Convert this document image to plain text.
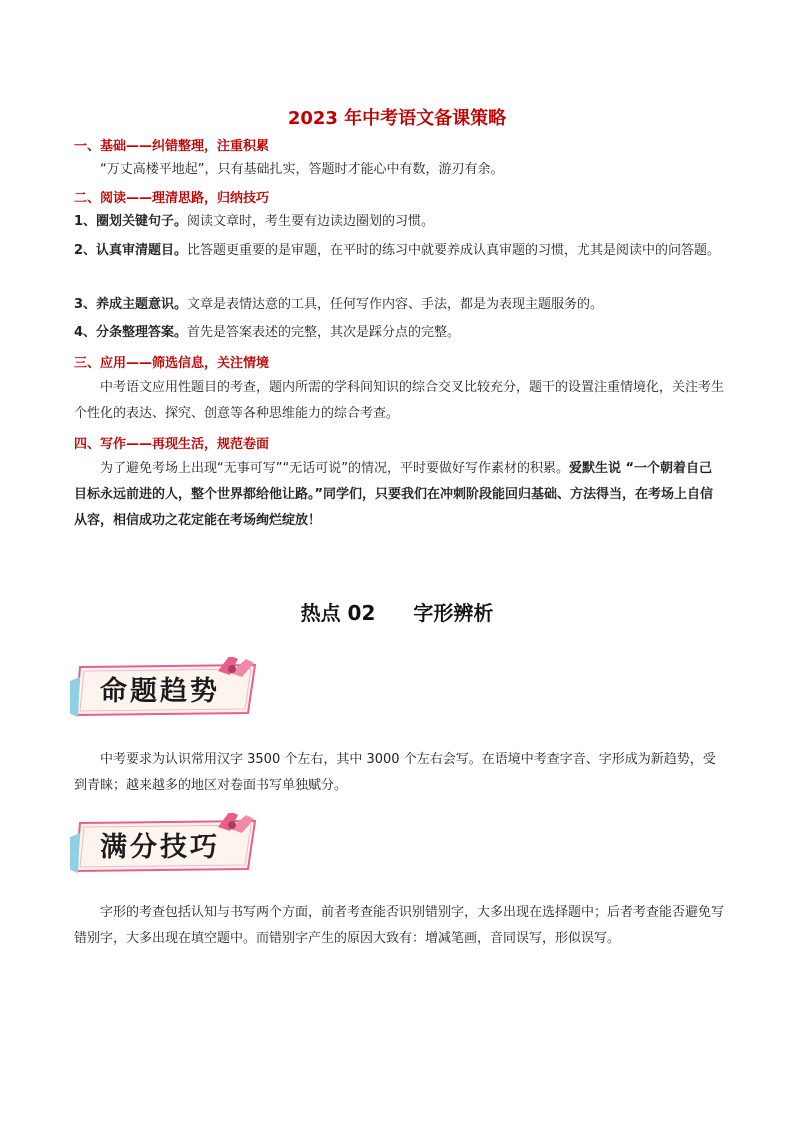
2023 年中考语文备课策略
一、基础——纠错整理，注重积累
“万丈高楼平地起”，只有基础扎实，答题时才能心中有数，游刃有余。
二、阅读——理清思路，归纳技巧
1、圈划关键句子。阅读文章时，考生要有边读边圈划的习惯。
2、认真审清题目。比答题更重要的是审题，在平时的练习中就要养成认真审题的习惯，尤其是阅读中的问答题。
3、养成主题意识。文章是表情达意的工具，任何写作内容、手法，都是为表现主题服务的。
4、分条整理答案。首先是答案表述的完整，其次是踩分点的完整。
三、应用——筛选信息，关注情境
中考语文应用性题目的考查，题内所需的学科间知识的综合交叉比较充分，题干的设置注重情境化，关注考生个性化的表达、探究、创意等各种思维能力的综合考查。
四、写作——再现生活，规范卷面
为了避免考场上出现“无事可写”“无话可说”的情况，平时要做好写作素材的积累。爱默生说 “一个朝着自己目标永远前进的人，整个世界都给他让路。”同学们，只要我们在冲刺阶段能回归基础、方法得当，在考场上自信从容，相信成功之花定能在考场绚烂绽放！
热点 02 字形辨析
命题趋势
中考要求为认识常用汉字 3500 个左右，其中 3000 个左右会写。在语境中考查字音、字形成为新趋势，受到青睐；越来越多的地区对卷面书写单独赋分。
满分技巧
字形的考查包括认知与书写两个方面，前者考查能否识别错别字，大多出现在选择题中；后者考查能否避免写错别字，大多出现在填空题中。而错别字产生的原因大致有：增减笔画，音同误写，形似误写。
